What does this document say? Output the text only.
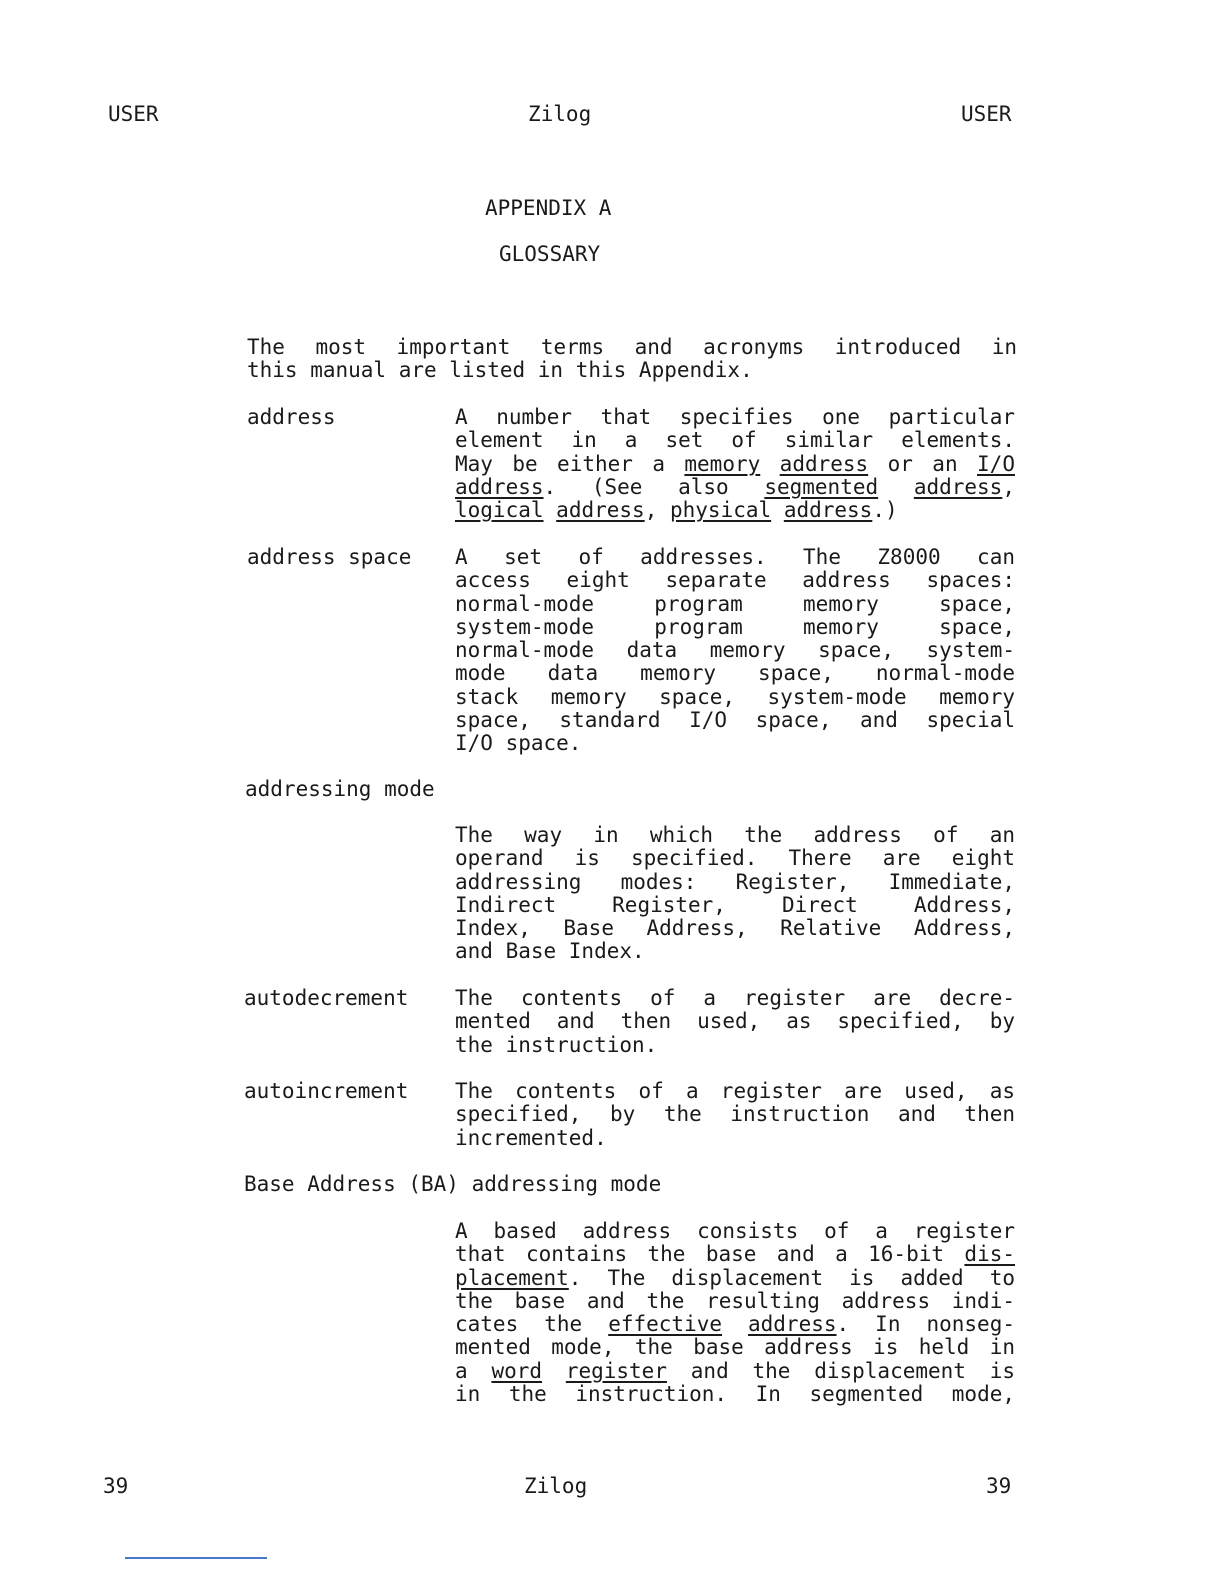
USER	Zilog	USER
APPENDIX A
GLOSSARY
The most important terms and acronyms introduced in
this manual are listed in this Appendix.
address	A number that specifies one particular
element in a set of similar elements.
May be either a memory address or an I/O
address. (See also segmented address,
logical address, physical address.)
address space A set of addresses. The Z8000 can
access eight separate address spaces:
normal-mode program memory space,
system-mode program memory space,
normal-mode data memory space, system-
mode data memory space, normal-mode
stack memory space, system-mode memory
space, standard I/O space, and special
I/O space.
addressing mode
The way in which the address of an
operand is specified. There are eight
addressing modes: Register, Immediate,
Indirect Register, Direct Address,
Index, Base Address, Relative Address,
and Base Index.
autodecrement The contents of a register are decre-
mented and then used, as specified, by
the instruction.
autoincrement The contents of a register are used, as
specified, by the instruction and then
incremented.
Base Address (BA) addressing mode
A based address consists of a register
that contains the base and a 16-bit dis-
placement. The displacement is added to
the base and the resulting address indi-
cates the effective address. In nonseg-
mented mode, the base address is held in
a word register and the displacement is
in the instruction. In segmented mode,
39	Zilog	39
